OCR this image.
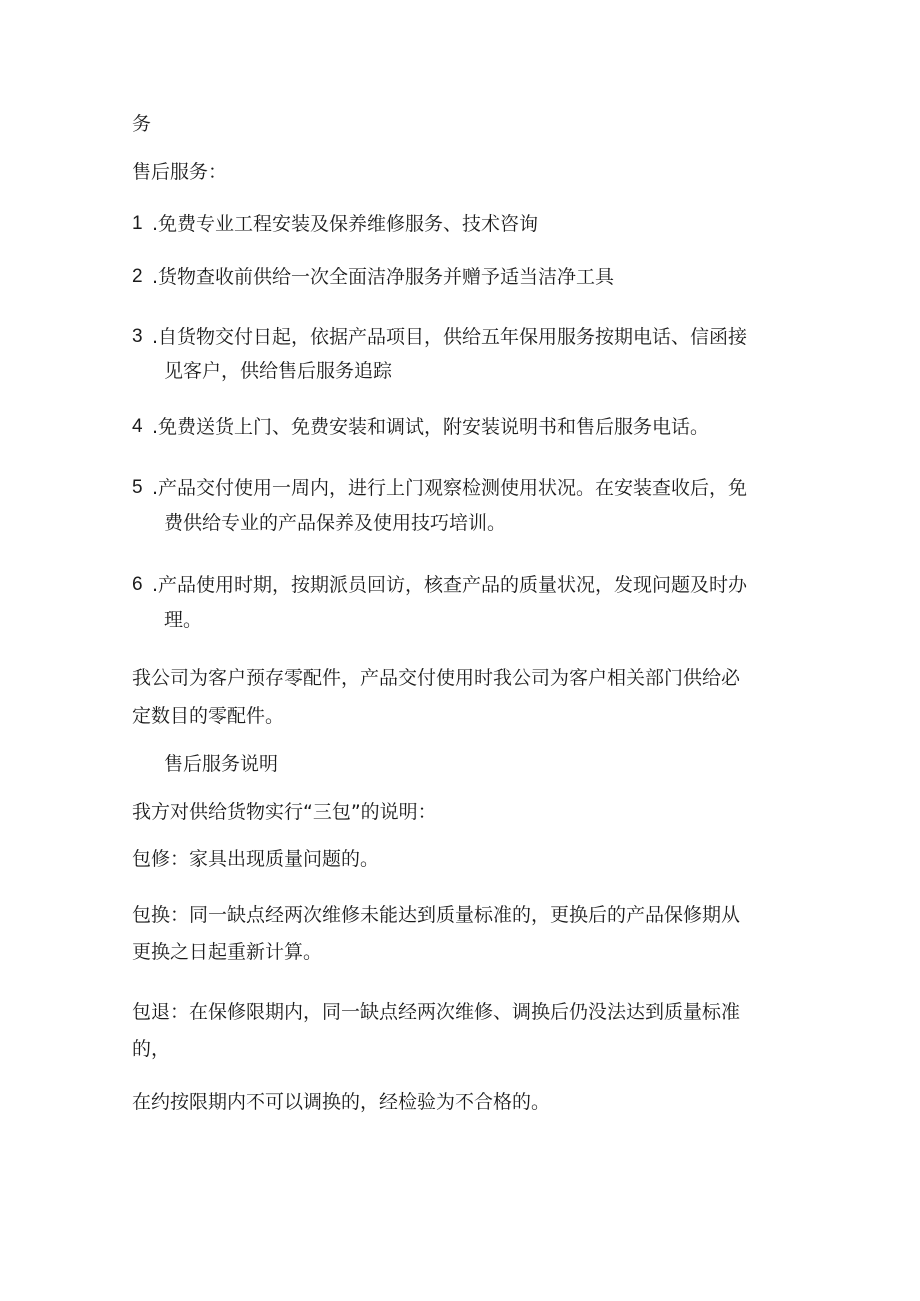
务
售后服务：
1 .免费专业工程安装及保养维修服务、技术咨询
2 .货物查收前供给一次全面洁净服务并赠予适当洁净工具
3 .自货物交付日起，依据产品项目，供给五年保用服务按期电话、信函接
见客户，供给售后服务追踪
4 .免费送货上门、免费安装和调试，附安装说明书和售后服务电话。
5 .产品交付使用一周内，进行上门观察检测使用状况。在安装查收后，免
费供给专业的产品保养及使用技巧培训。
6 .产品使用时期，按期派员回访，核查产品的质量状况，发现问题及时办
理。
我公司为客户预存零配件，产品交付使用时我公司为客户相关部门供给必
定数目的零配件。
售后服务说明
我方对供给货物实行“三包”的说明：
包修：家具出现质量问题的。
包换：同一缺点经两次维修未能达到质量标准的，更换后的产品保修期从
更换之日起重新计算。
包退：在保修限期内，同一缺点经两次维修、调换后仍没法达到质量标准
的，
在约按限期内不可以调换的，经检验为不合格的。
